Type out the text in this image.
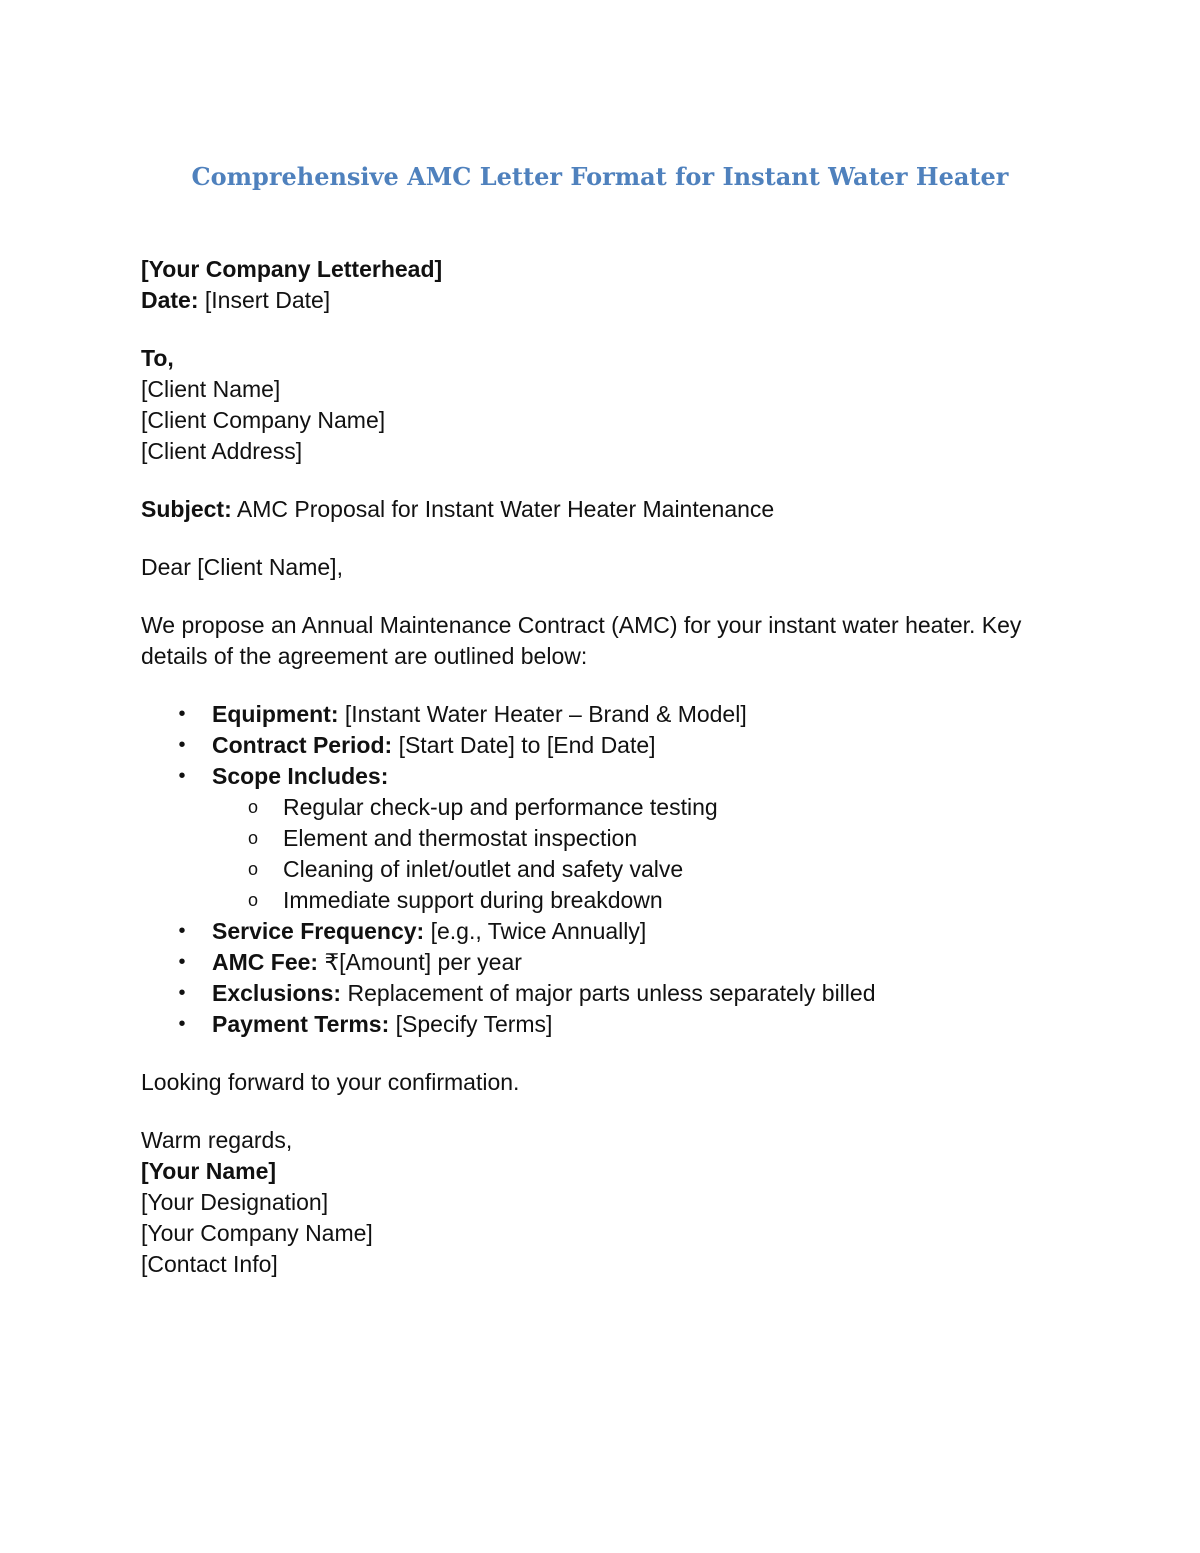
Comprehensive AMC Letter Format for Instant Water Heater
[Your Company Letterhead]
Date: [Insert Date]
To,
[Client Name]
[Client Company Name]
[Client Address]
Subject: AMC Proposal for Instant Water Heater Maintenance
Dear [Client Name],
We propose an Annual Maintenance Contract (AMC) for your instant water heater. Key details of the agreement are outlined below:
• Equipment: [Instant Water Heater – Brand & Model]
• Contract Period: [Start Date] to [End Date]
• Scope Includes:
o Regular check-up and performance testing
o Element and thermostat inspection
o Cleaning of inlet/outlet and safety valve
o Immediate support during breakdown
• Service Frequency: [e.g., Twice Annually]
• AMC Fee: ₹[Amount] per year
• Exclusions: Replacement of major parts unless separately billed
• Payment Terms: [Specify Terms]
Looking forward to your confirmation.
Warm regards,
[Your Name]
[Your Designation]
[Your Company Name]
[Contact Info]
